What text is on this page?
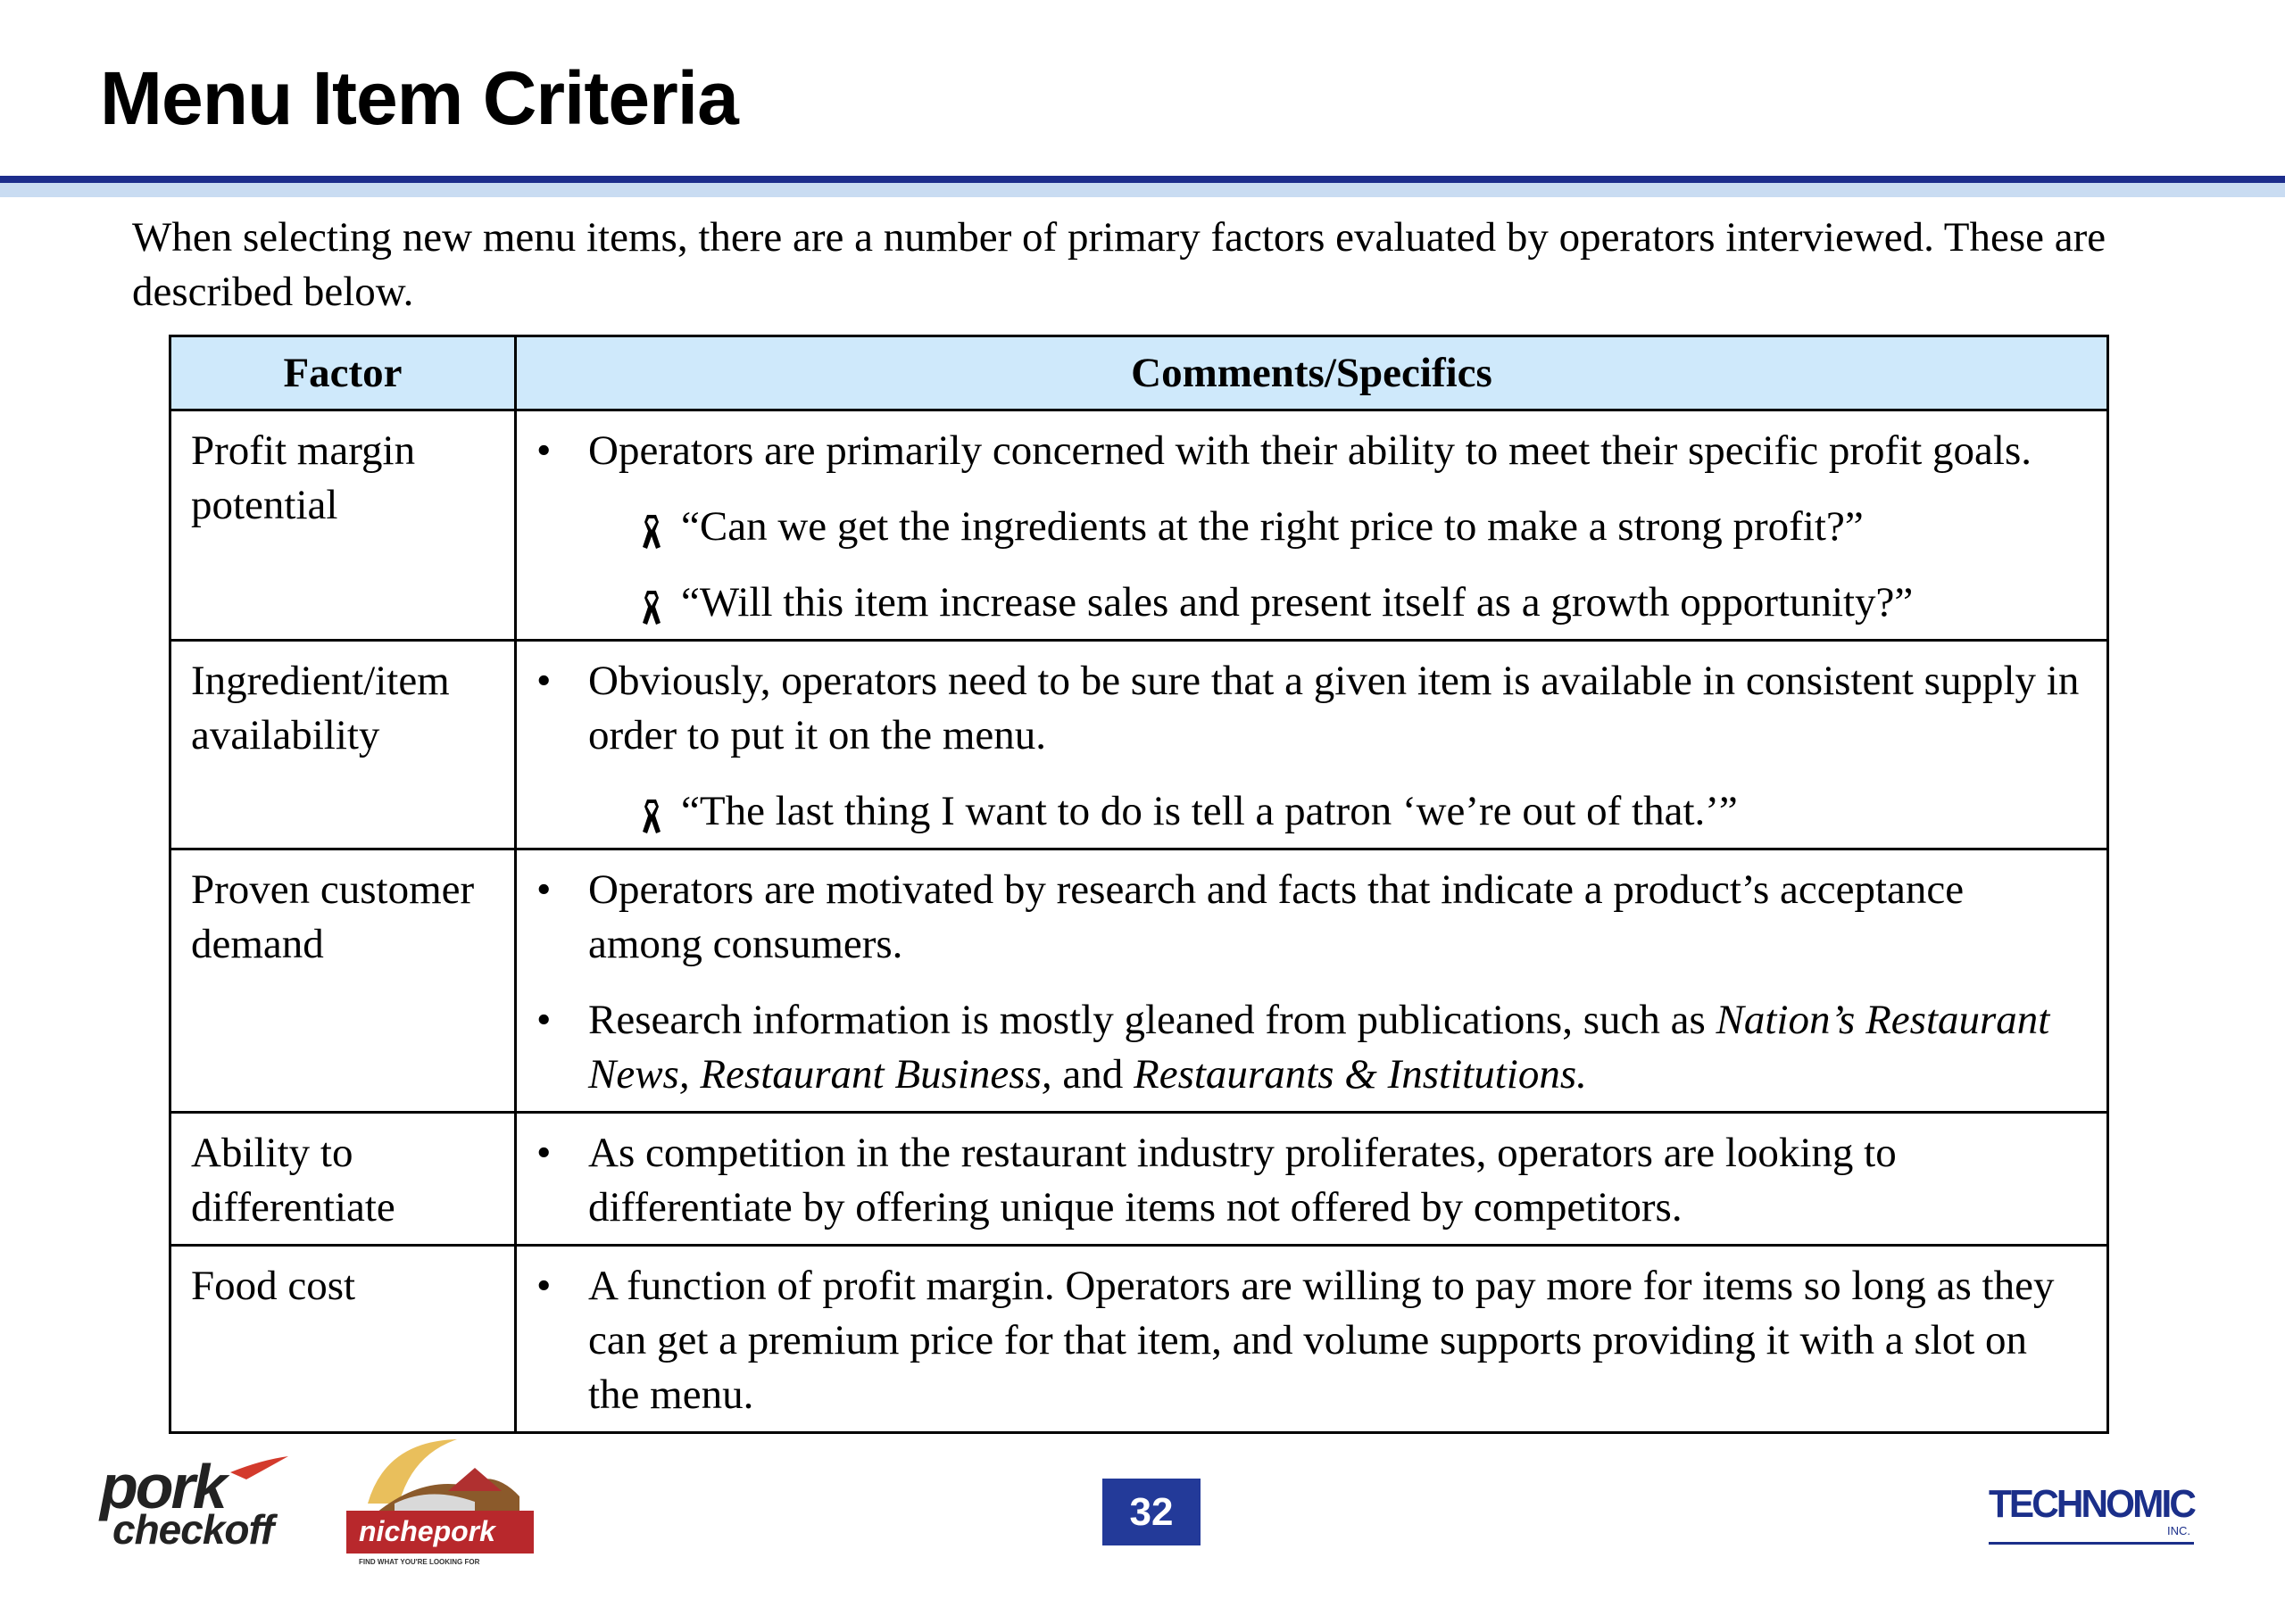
Menu Item Criteria
When selecting new menu items, there are a number of primary factors evaluated by operators interviewed. These are described below.
Factor	Comments/Specifics
Profit margin potential	• Operators are primarily concerned with their ability to meet their specific profit goals.
“Can we get the ingredients at the right price to make a strong profit?”
“Will this item increase sales and present itself as a growth opportunity?”

Ingredient/item availability	• Obviously, operators need to be sure that a given item is available in consistent supply in order to put it on the menu.
“The last thing I want to do is tell a patron ‘we’re out of that.’”

Proven customer demand	• Operators are motivated by research and facts that indicate a product’s acceptance among consumers.
• Research information is mostly gleaned from publications, such as Nation’s Restaurant News, Restaurant Business, and Restaurants & Institutions.

Ability to differentiate	• As competition in the restaurant industry proliferates, operators are looking to differentiate by offering unique items not offered by competitors.

Food cost	• A function of profit margin. Operators are willing to pay more for items so long as they can get a premium price for that item, and volume supports providing it with a slot on the menu.
pork
checkoff	nichepork
FIND WHAT YOU'RE LOOKING FOR
32	TECHNOMIC
INC.
